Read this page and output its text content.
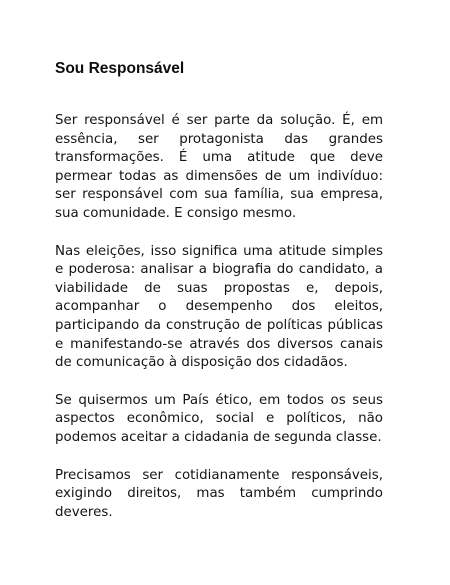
Sou Responsável

Ser responsável é ser parte da solução. É, em essência, ser protagonista das grandes transformações. É uma atitude que deve permear todas as dimensões de um indivíduo: ser responsável com sua família, sua empresa, sua comunidade. E consigo mesmo.

Nas eleições, isso significa uma atitude simples e poderosa: analisar a biografia do candidato, a viabilidade de suas propostas e, depois, acompanhar o desempenho dos eleitos, participando da construção de políticas públicas e manifestando-se através dos diversos canais de comunicação à disposição dos cidadãos.

Se quisermos um País ético, em todos os seus aspectos econômico, social e políticos, não podemos aceitar a cidadania de segunda classe.

Precisamos ser cotidianamente responsáveis, exigindo direitos, mas também cumprindo deveres.
